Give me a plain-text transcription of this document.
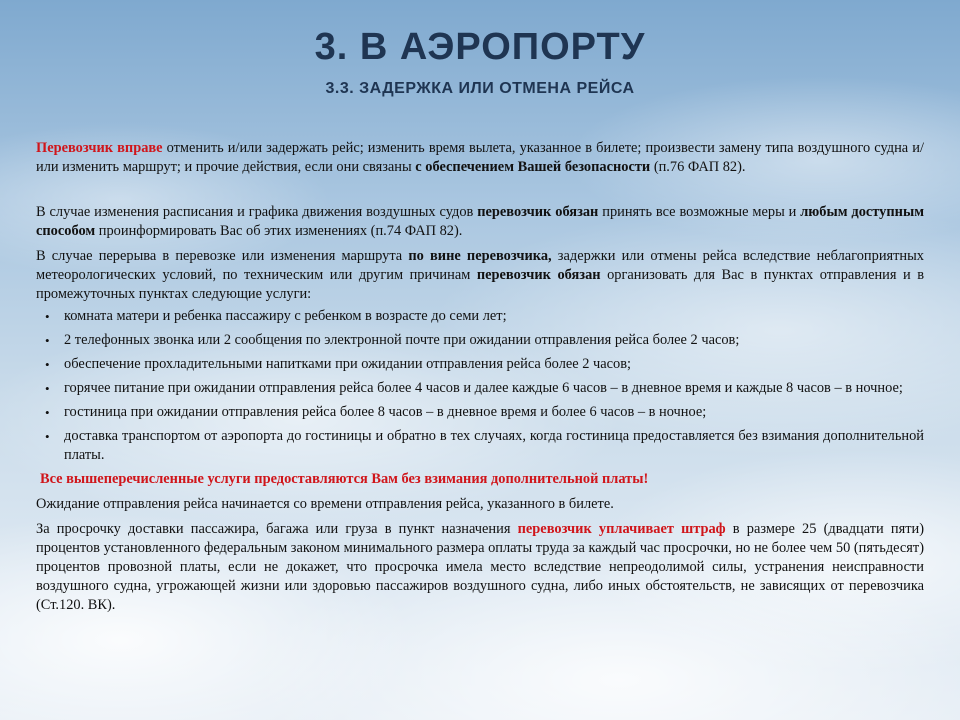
3. В АЭРОПОРТУ
3.3. ЗАДЕРЖКА ИЛИ ОТМЕНА РЕЙСА

Перевозчик вправе отменить и/или задержать рейс; изменить время вылета, указанное в билете; произвести замену типа воздушного судна и/или изменить маршрут; и прочие действия, если они связаны с обеспечением Вашей безопасности (п.76 ФАП 82).

В случае изменения расписания и графика движения воздушных судов перевозчик обязан принять все возможные меры и любым доступным способом проинформировать Вас об этих изменениях (п.74 ФАП 82).

В случае перерыва в перевозке или изменения маршрута по вине перевозчика, задержки или отмены рейса вследствие неблагоприятных метеорологических условий, по техническим или другим причинам перевозчик обязан организовать для Вас в пунктах отправления и в промежуточных пунктах следующие услуги:

• комната матери и ребенка пассажиру с ребенком в возрасте до семи лет;
• 2 телефонных звонка или 2 сообщения по электронной почте при ожидании отправления рейса более 2 часов;
• обеспечение прохладительными напитками при ожидании отправления рейса более 2 часов;
• горячее питание при ожидании отправления рейса более 4 часов и далее каждые 6 часов – в дневное время и каждые 8 часов – в ночное;
• гостиница при ожидании отправления рейса более 8 часов – в дневное время и более 6 часов – в ночное;
• доставка транспортом от аэропорта до гостиницы и обратно в тех случаях, когда гостиница предоставляется без взимания дополнительной платы.

Все вышеперечисленные услуги предоставляются Вам без взимания дополнительной платы!

Ожидание отправления рейса начинается со времени отправления рейса, указанного в билете.

За просрочку доставки пассажира, багажа или груза в пункт назначения перевозчик уплачивает штраф в размере 25 (двадцати пяти) процентов установленного федеральным законом минимального размера оплаты труда за каждый час просрочки, но не более чем 50 (пятьдесят) процентов провозной платы, если не докажет, что просрочка имела место вследствие непреодолимой силы, устранения неисправности воздушного судна, угрожающей жизни или здоровью пассажиров воздушного судна, либо иных обстоятельств, не зависящих от перевозчика (Ст.120. ВК).
